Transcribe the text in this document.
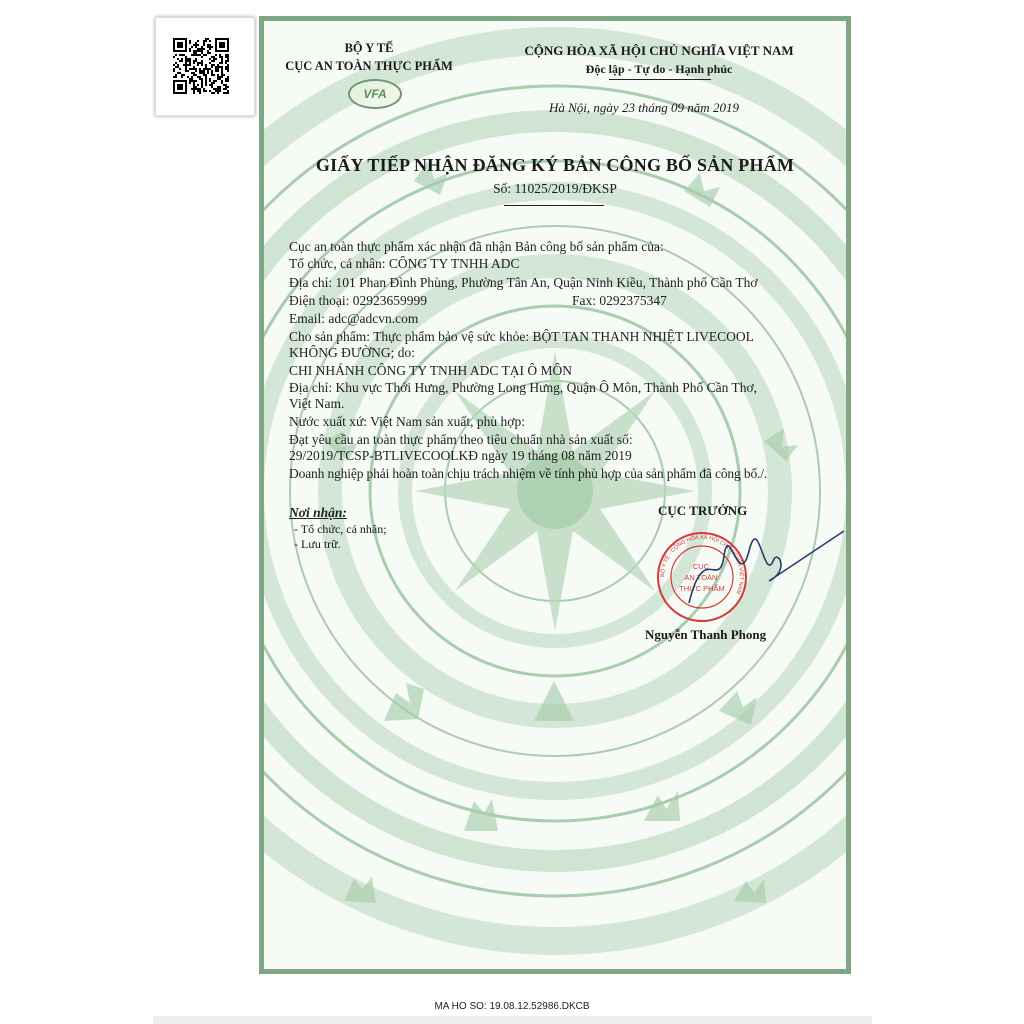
BỘ Y TẾ
CỤC AN TOÀN THỰC PHẨM
VFA
CỘNG HÒA XÃ HỘI CHỦ NGHĨA VIỆT NAM
Độc lập - Tự do - Hạnh phúc
Hà Nội, ngày 23 tháng 09 năm 2019
GIẤY TIẾP NHẬN ĐĂNG KÝ BẢN CÔNG BỐ SẢN PHẨM
Số: 11025/2019/ĐKSP
Cục an toàn thực phẩm xác nhận đã nhận Bản công bố sản phẩm của:
Tổ chức, cá nhân: CÔNG TY TNHH ADC
Địa chỉ: 101 Phan Đình Phùng, Phường Tân An, Quận Ninh Kiều, Thành phố Cần Thơ
Điện thoại: 02923659999	Fax: 0292375347
Email: adc@adcvn.com
Cho sản phẩm: Thực phẩm bảo vệ sức khỏe: BỘT TAN THANH NHIỆT LIVECOOL
KHÔNG ĐƯỜNG; do:
CHI NHÁNH CÔNG TY TNHH ADC TẠI Ô MÔN
Địa chỉ: Khu vực Thới Hưng, Phường Long Hưng, Quận Ô Môn, Thành Phố Cần Thơ,
Việt Nam.
Nước xuất xứ: Việt Nam sản xuất, phù hợp:
Đạt yêu cầu an toàn thực phẩm theo tiêu chuẩn nhà sản xuất số:
29/2019/TCSP-BTLIVECOOLKĐ ngày 19 tháng 08 năm 2019
Doanh nghiệp phải hoàn toàn chịu trách nhiệm về tính phù hợp của sản phẩm đã công bố./.
Nơi nhận:
- Tổ chức, cá nhân;
- Lưu trữ.
CỤC TRƯỞNG
CỤC AN TOÀN THỰC PHẨM
BỘ Y TẾ · CỘNG HÒA XÃ HỘI CHỦ NGHĨA VIỆT NAM
Nguyễn Thanh Phong
MA HO SO: 19.08.12.52986.DKCB
